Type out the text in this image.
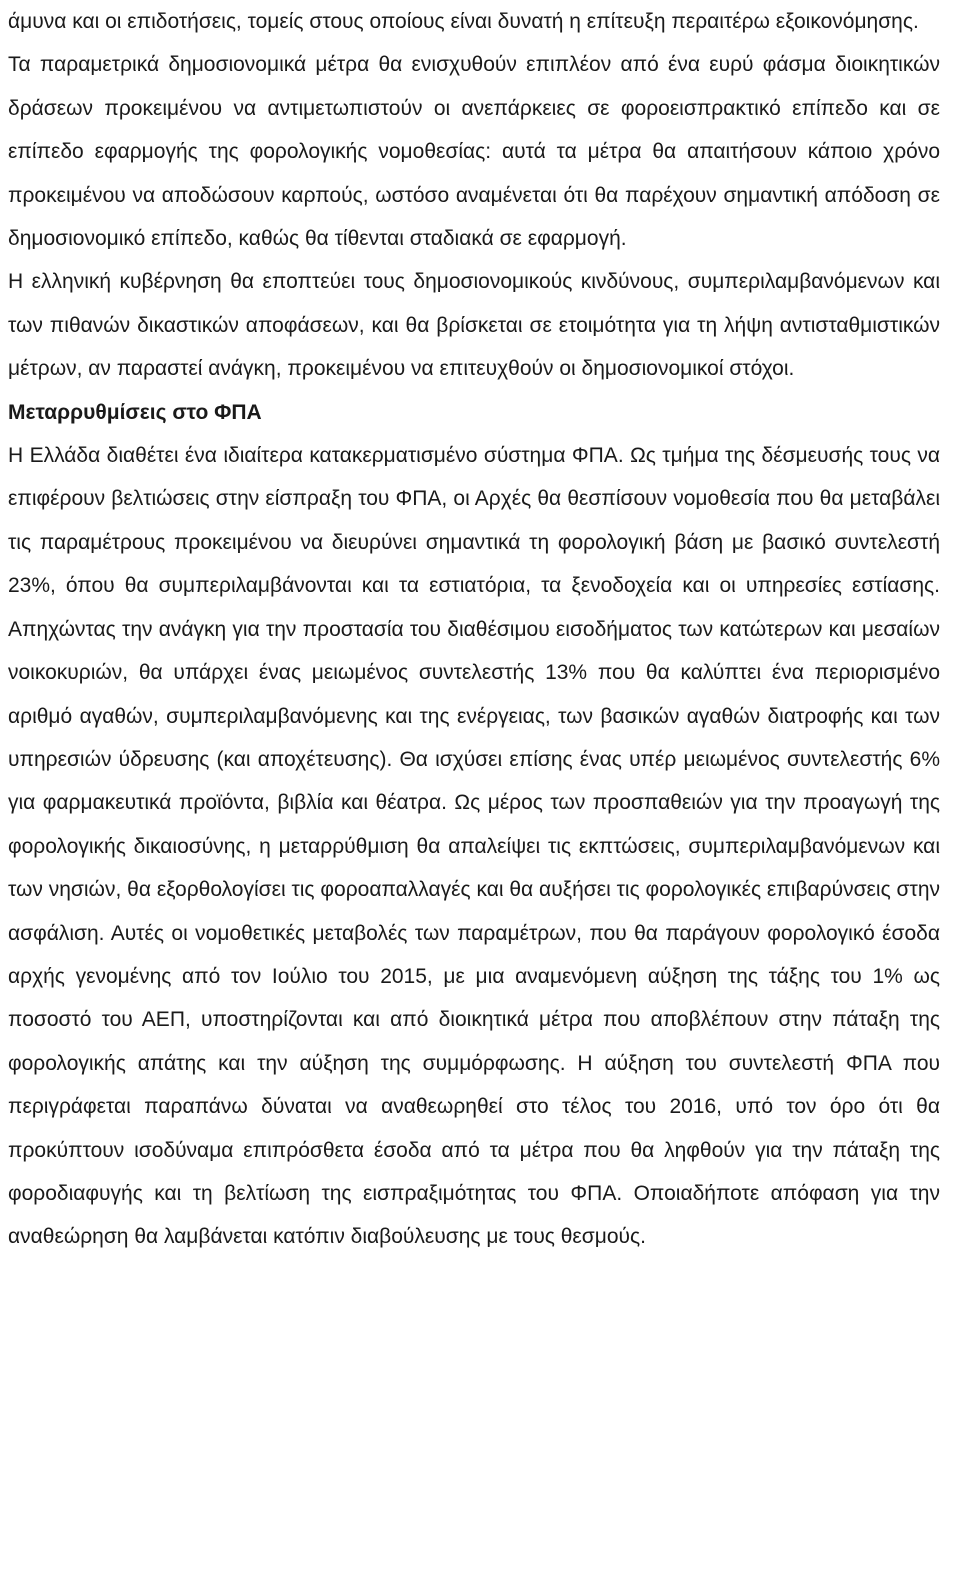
άμυνα και οι επιδοτήσεις, τομείς στους οποίους είναι δυνατή η επίτευξη περαιτέρω εξοικονόμησης.

Τα παραμετρικά δημοσιονομικά μέτρα θα ενισχυθούν επιπλέον από ένα ευρύ φάσμα διοικητικών δράσεων προκειμένου να αντιμετωπιστούν οι ανεπάρκειες σε φοροεισπρακτικό επίπεδο και σε επίπεδο εφαρμογής της φορολογικής νομοθεσίας: αυτά τα μέτρα θα απαιτήσουν κάποιο χρόνο προκειμένου να αποδώσουν καρπούς, ωστόσο αναμένεται ότι θα παρέχουν σημαντική απόδοση σε δημοσιονομικό επίπεδο, καθώς θα τίθενται σταδιακά σε εφαρμογή.

Η ελληνική κυβέρνηση θα εποπτεύει τους δημοσιονομικούς κινδύνους, συμπεριλαμβανόμενων και των πιθανών δικαστικών αποφάσεων, και θα βρίσκεται σε ετοιμότητα για τη λήψη αντισταθμιστικών μέτρων, αν παραστεί ανάγκη, προκειμένου να επιτευχθούν οι δημοσιονομικοί στόχοι.

Μεταρρυθμίσεις στο ΦΠΑ

Η Ελλάδα διαθέτει ένα ιδιαίτερα κατακερματισμένο σύστημα ΦΠΑ. Ως τμήμα της δέσμευσής τους να επιφέρουν βελτιώσεις στην είσπραξη του ΦΠΑ, οι Αρχές θα θεσπίσουν νομοθεσία που θα μεταβάλει τις παραμέτρους προκειμένου να διευρύνει σημαντικά τη φορολογική βάση με βασικό συντελεστή 23%, όπου θα συμπεριλαμβάνονται και τα εστιατόρια, τα ξενοδοχεία και οι υπηρεσίες εστίασης. Απηχώντας την ανάγκη για την προστασία του διαθέσιμου εισοδήματος των κατώτερων και μεσαίων νοικοκυριών, θα υπάρχει ένας μειωμένος συντελεστής 13% που θα καλύπτει ένα περιορισμένο αριθμό αγαθών, συμπεριλαμβανόμενης και της ενέργειας, των βασικών αγαθών διατροφής και των υπηρεσιών ύδρευσης (και αποχέτευσης). Θα ισχύσει επίσης ένας υπέρ μειωμένος συντελεστής 6% για φαρμακευτικά προϊόντα, βιβλία και θέατρα. Ως μέρος των προσπαθειών για την προαγωγή της φορολογικής δικαιοσύνης, η μεταρρύθμιση θα απαλείψει τις εκπτώσεις, συμπεριλαμβανόμενων και των νησιών, θα εξορθολογίσει τις φοροαπαλλαγές και θα αυξήσει τις φορολογικές επιβαρύνσεις στην ασφάλιση. Αυτές οι νομοθετικές μεταβολές των παραμέτρων, που θα παράγουν φορολογικό έσοδα αρχής γενομένης από τον Ιούλιο του 2015, με μια αναμενόμενη αύξηση της τάξης του 1% ως ποσοστό του ΑΕΠ, υποστηρίζονται και από διοικητικά μέτρα που αποβλέπουν στην πάταξη της φορολογικής απάτης και την αύξηση της συμμόρφωσης. Η αύξηση του συντελεστή ΦΠΑ που περιγράφεται παραπάνω δύναται να αναθεωρηθεί στο τέλος του 2016, υπό τον όρο ότι θα προκύπτουν ισοδύναμα επιπρόσθετα έσοδα από τα μέτρα που θα ληφθούν για την πάταξη της φοροδιαφυγής και τη βελτίωση της εισπραξιμότητας του ΦΠΑ. Οποιαδήποτε απόφαση για την αναθεώρηση θα λαμβάνεται κατόπιν διαβούλευσης με τους θεσμούς.
